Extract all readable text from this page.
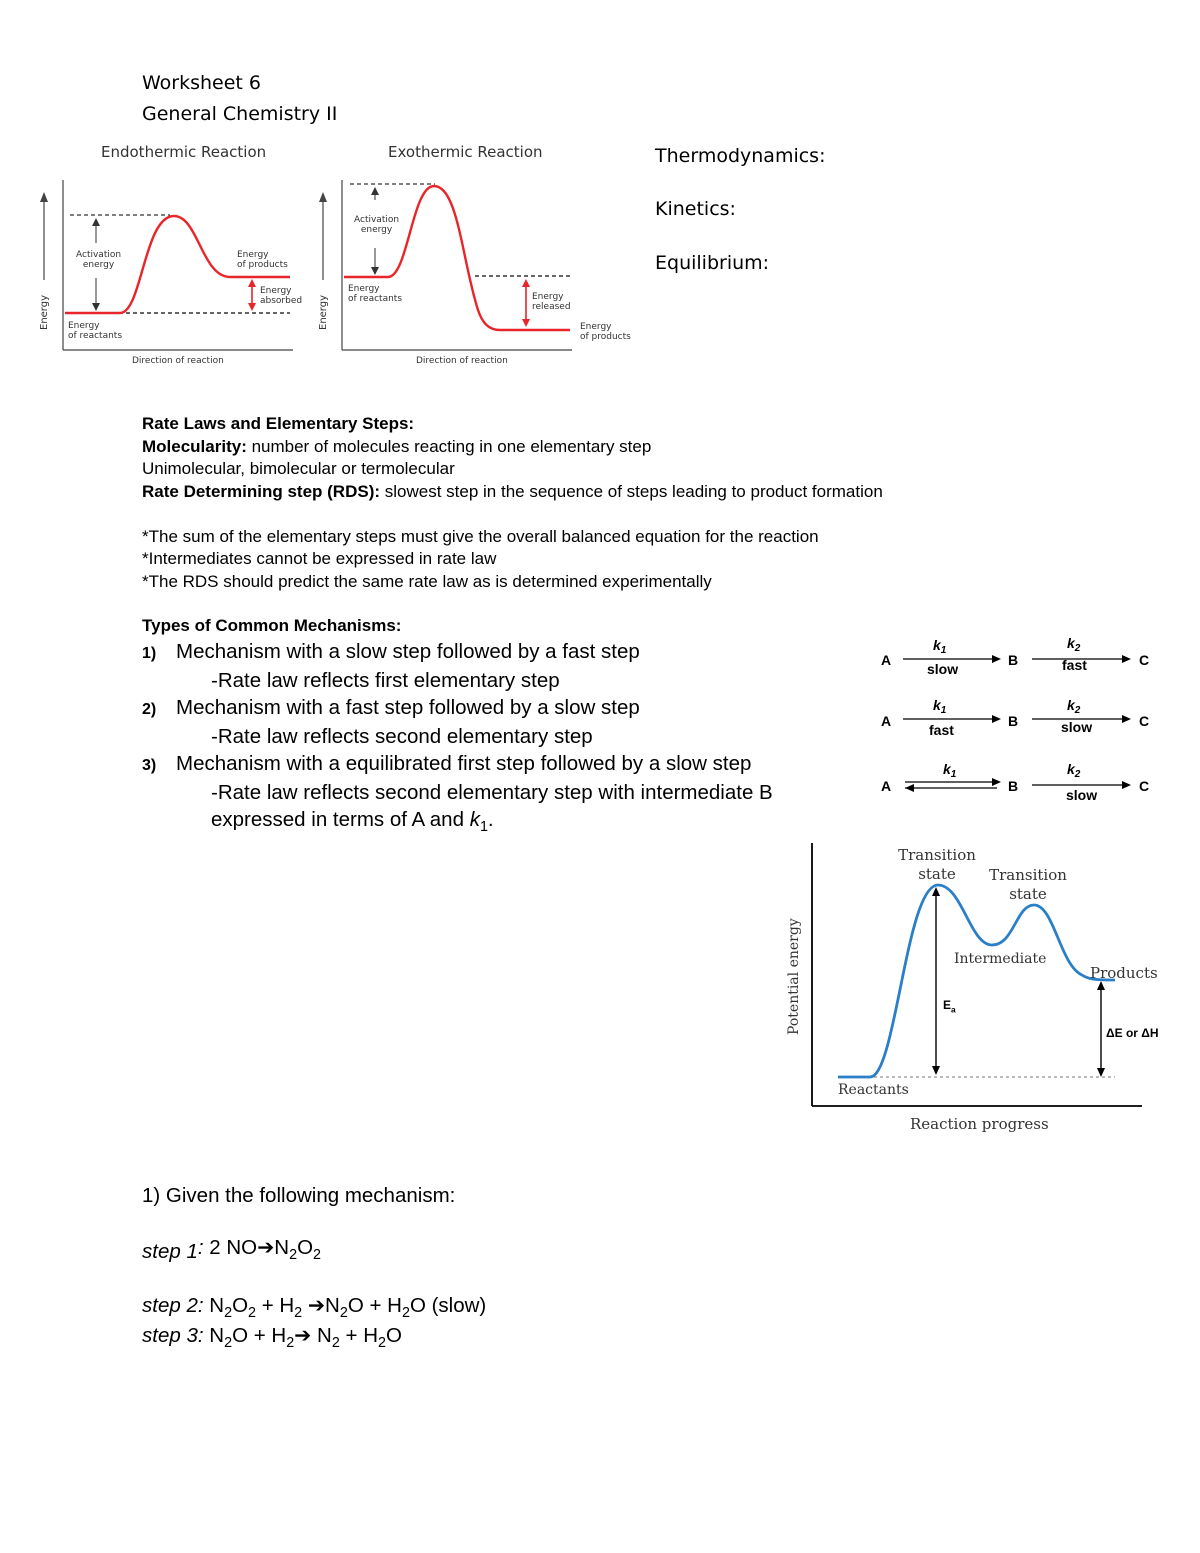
Worksheet 6
General Chemistry II
Endothermic Reaction
Energy
Activation
energy
Energy
of products
Energy
absorbed
Energy
of reactants
Direction of reaction
Exothermic Reaction
Energy
Activation
energy
Energy
of reactants	Energy
released
Energy
of products
Direction of reaction
Thermodynamics:
Kinetics:
Equilibrium:
Rate Laws and Elementary Steps:
Molecularity: number of molecules reacting in one elementary step
Unimolecular, bimolecular or termolecular
Rate Determining step (RDS): slowest step in the sequence of steps leading to product formation
*The sum of the elementary steps must give the overall balanced equation for the reaction
*Intermediates cannot be expressed in rate law
*The RDS should predict the same rate law as is determined experimentally
Types of Common Mechanisms:
1) Mechanism with a slow step followed by a fast step
-Rate law reflects first elementary step
2) Mechanism with a fast step followed by a slow step
-Rate law reflects second elementary step
3) Mechanism with a equilibrated first step followed by a slow step
-Rate law reflects second elementary step with intermediate B
expressed in terms of A and $k_1$.
A
$k_1$
slow
B
$k_2$
fast	C
A
$k_1$
fast
B
$k_2$
slow	C
A
$k_1$
B
$k_2$
slow
C
Potential energy
Transition
state	Transition
state
Intermediate
Products
Reactants
$E_a$
ΔE or ΔH
Reaction progress
1) Given the following mechanism:
step 1: 2 $NO➔N_2O_2$
step 2: $N_2O_2 + H_2$ $➔N_2O + H_2O$ (slow)
step 3: $N_2O$ + $H_2➔$ $N_2 + H_2O$
